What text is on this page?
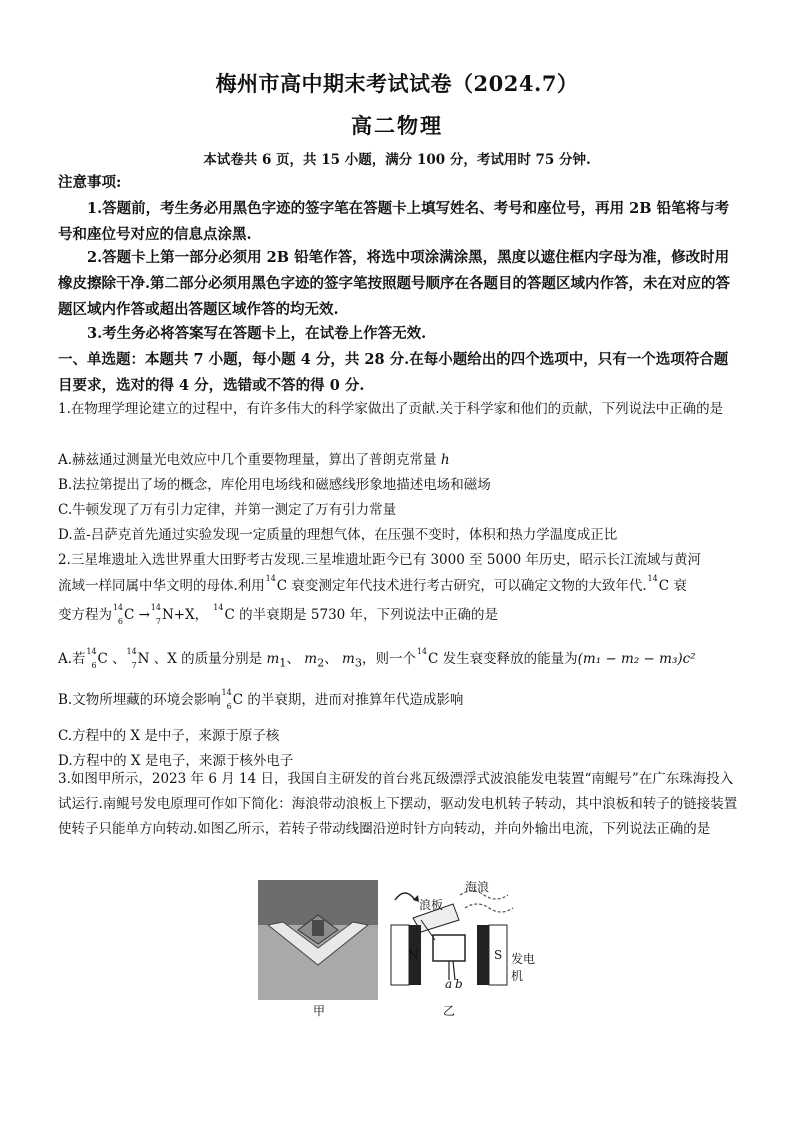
梅州市高中期末考试试卷（2024.7）
高二物理
本试卷共 6 页，共 15 小题，满分 100 分，考试用时 75 分钟.
注意事项:
1.答题前，考生务必用黑色字迹的签字笔在答题卡上填写姓名、考号和座位号，再用 2B 铅笔将与考号和座位号对应的信息点涂黑.
2.答题卡上第一部分必须用 2B 铅笔作答，将选中项涂满涂黑，黑度以遮住框内字母为准，修改时用橡皮擦除干净.第二部分必须用黑色字迹的签字笔按照题号顺序在各题目的答题区域内作答，未在对应的答题区域内作答或超出答题区域作答的均无效.
3.考生务必将答案写在答题卡上，在试卷上作答无效.
一、单选题：本题共 7 小题，每小题 4 分，共 28 分.在每小题给出的四个选项中，只有一个选项符合题目要求，选对的得 4 分，选错或不答的得 0 分.
1.在物理学理论建立的过程中，有许多伟大的科学家做出了贡献.关于科学家和他们的贡献，下列说法中正确的是
A.赫兹通过测量光电效应中几个重要物理量，算出了普朗克常量 h
B.法拉第提出了场的概念，库伦用电场线和磁感线形象地描述电场和磁场
C.牛顿发现了万有引力定律，并第一测定了万有引力常量
D.盖-吕萨克首先通过实验发现一定质量的理想气体，在压强不变时，体积和热力学温度成正比
2.三星堆遗址入选世界重大田野考古发现.三星堆遗址距今已有 3000 至 5000 年历史，昭示长江流域与黄河
流域一样同属中华文明的母体.利用 14 C 衰变测定年代技术进行考古研究，可以确定文物的大致年代. 14 C 衰
变方程为 14
6 C → 14
7 N+X， 14 C 的半衰期是 5730 年，下列说法中正确的是
A.若 14
6 C 、 14
7 N 、X 的质量分别是 $m_1$、 $m_2$、 $m_3$，则一个 14 C 发生衰变释放的能量为(m₁ − m₂ − m₃)c²
B.文物所埋藏的环境会影响 14
6 C 的半衰期，进而对推算年代造成影响
C.方程中的 X 是中子，来源于原子核
D.方程中的 X 是电子，来源于核外电子
3.如图甲所示，2023 年 6 月 14 日，我国自主研发的首台兆瓦级漂浮式波浪能发电装置“南鲲号”在广东珠海投入试运行.南鲲号发电原理可作如下简化：海浪带动浪板上下摆动，驱动发电机转子转动，其中浪板和转子的链接装置使转子只能单方向转动.如图乙所示，若转子带动线圈沿逆时针方向转动，并向外输出电流，下列说法正确的是
甲
海浪
浪板
N	S 发电机
a b
乙
